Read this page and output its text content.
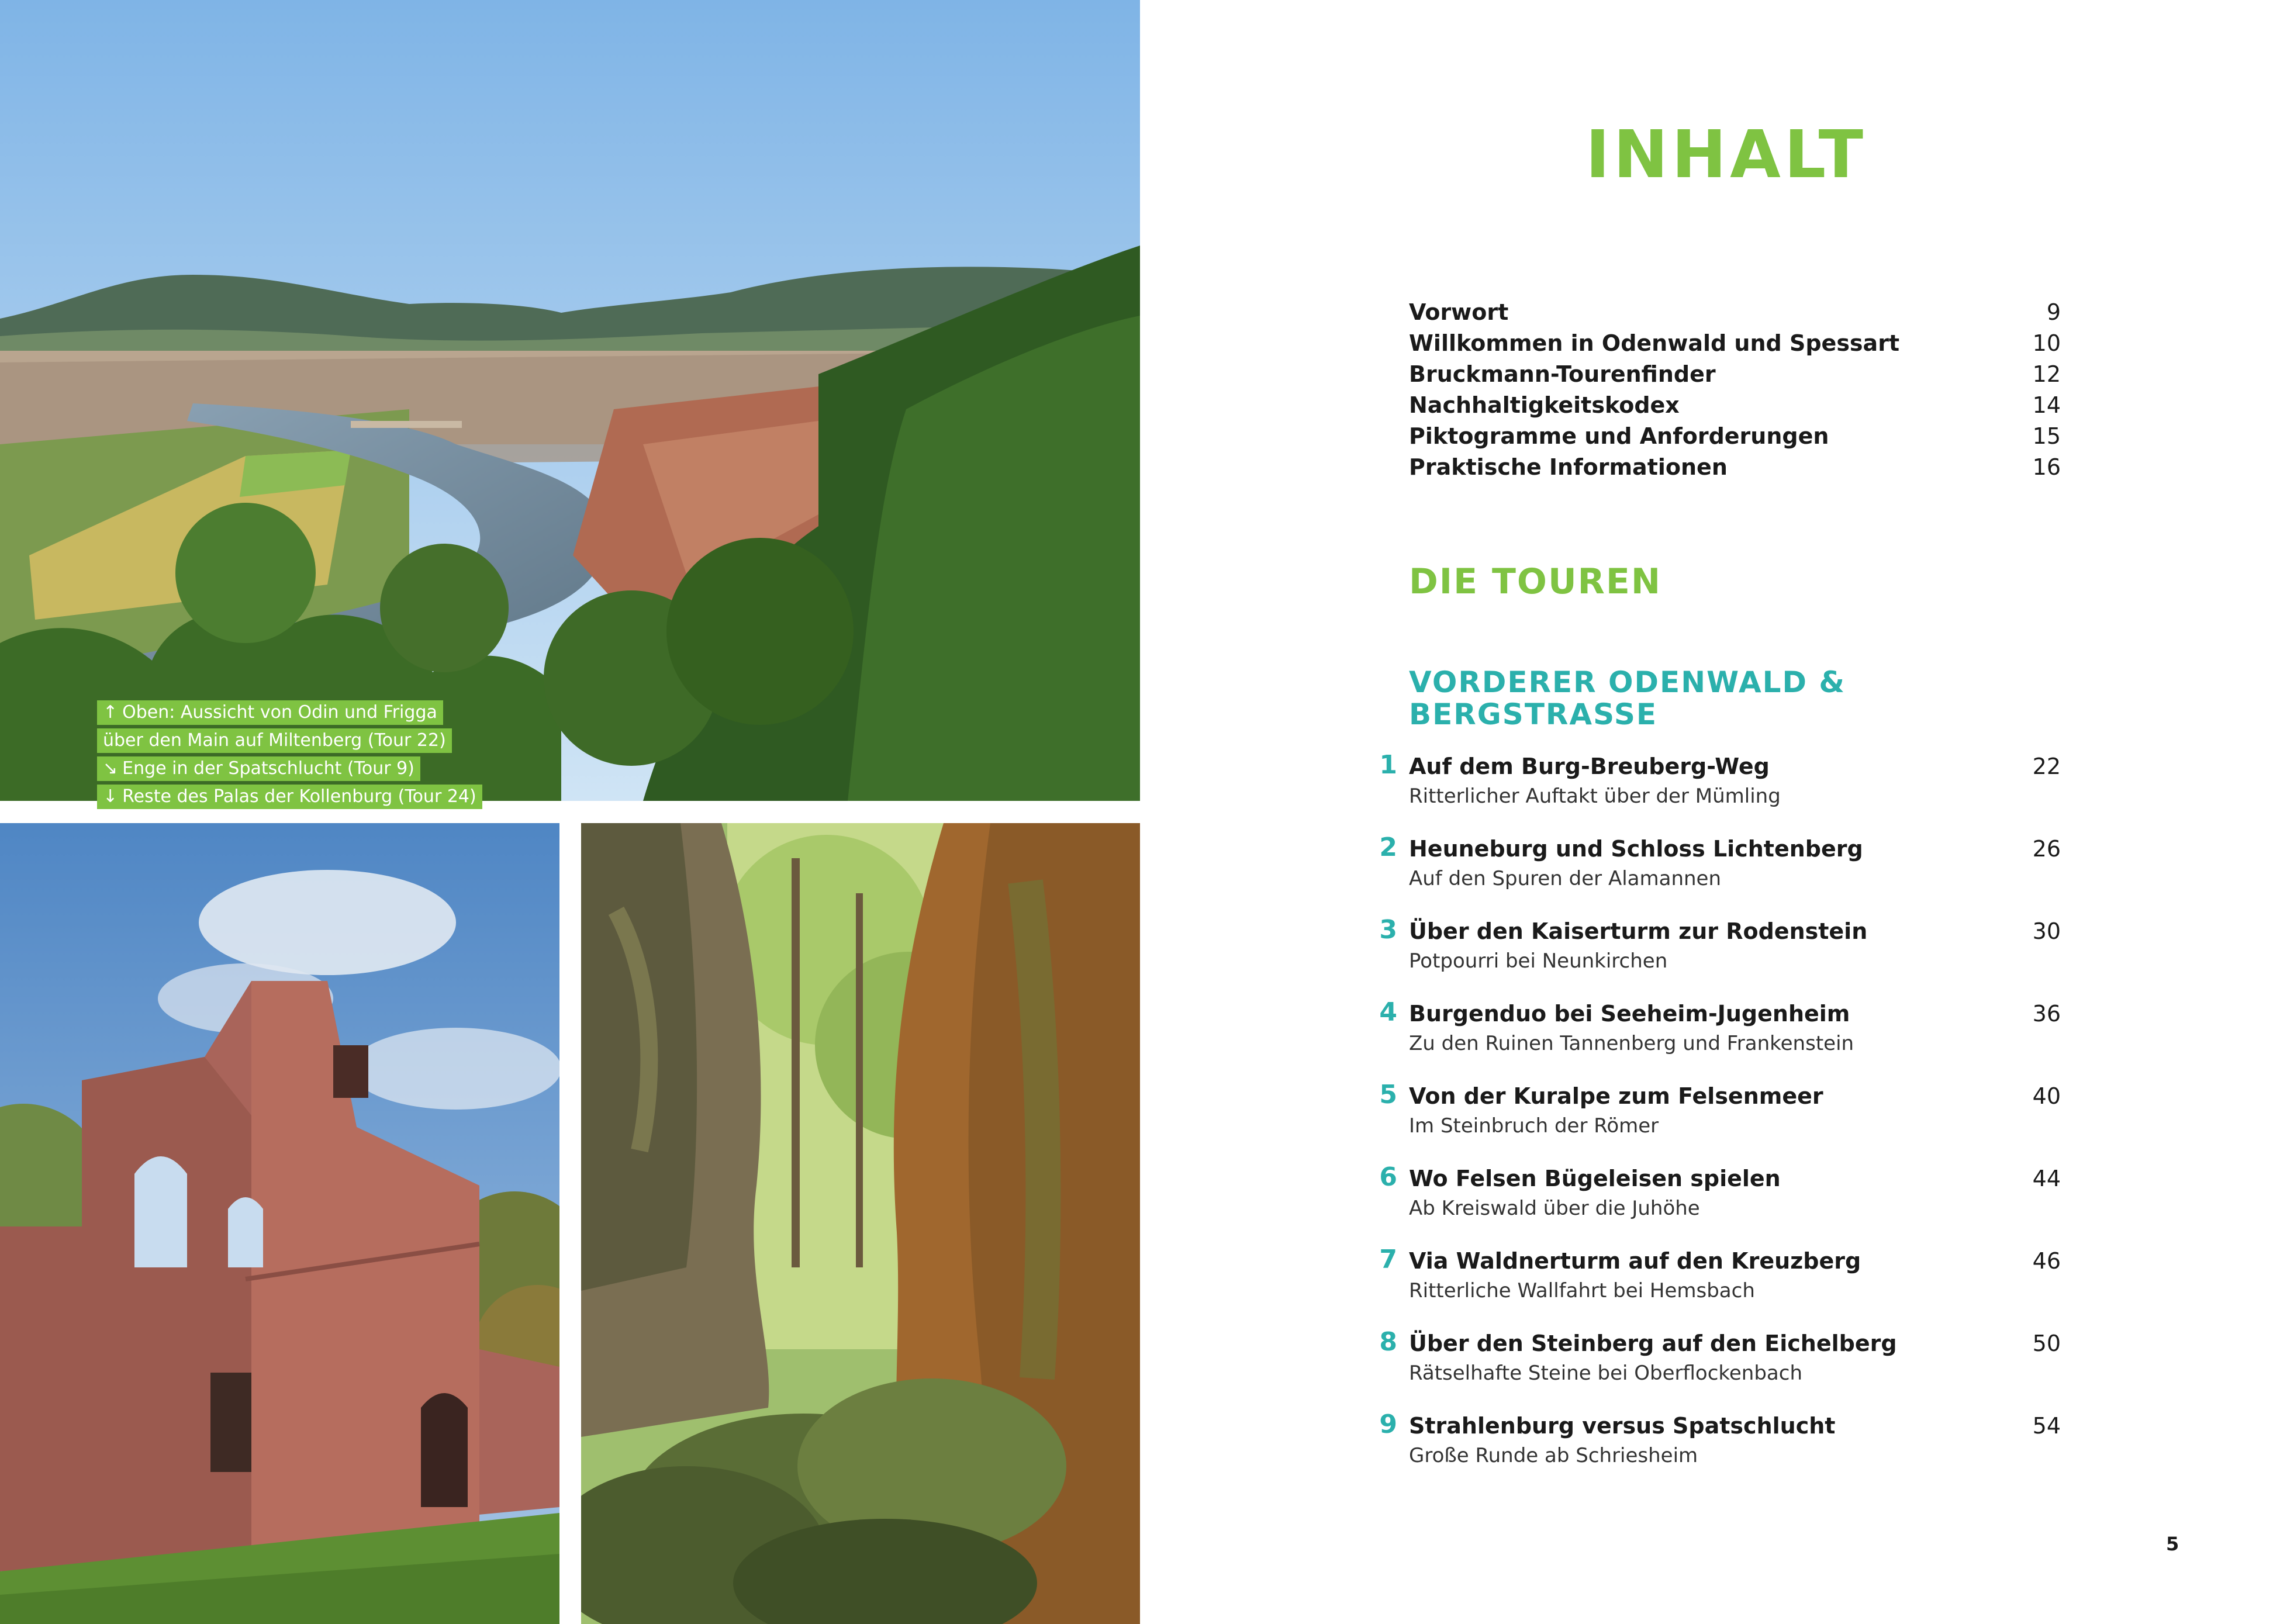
↑ Oben: Aussicht von Odin und Frigga
über den Main auf Miltenberg (Tour 22)
↘ Enge in der Spatschlucht (Tour 9)
↓ Reste des Palas der Kollenburg (Tour 24)
INHALT
Vorwort	9
Willkommen in Odenwald und Spessart	10
Bruckmann-Tourenfinder	12
Nachhaltigkeitskodex	14
Piktogramme und Anforderungen	15
Praktische Informationen	16
DIE TOUREN
VORDERER ODENWALD & BERGSTRASSE
1 Auf dem Burg-Breuberg-Weg
Ritterlicher Auftakt über der Mümling
22
2 Heuneburg und Schloss Lichtenberg
Auf den Spuren der Alamannen
26
3 Über den Kaiserturm zur Rodenstein
Potpourri bei Neunkirchen
30
4 Burgenduo bei Seeheim-Jugenheim
Zu den Ruinen Tannenberg und Frankenstein
36
5 Von der Kuralpe zum Felsenmeer
Im Steinbruch der Römer
40
6 Wo Felsen Bügeleisen spielen
Ab Kreiswald über die Juhöhe
44
7 Via Waldnerturm auf den Kreuzberg
Ritterliche Wallfahrt bei Hemsbach
46
8 Über den Steinberg auf den Eichelberg
Rätselhafte Steine bei Oberflockenbach
50
9 Strahlenburg versus Spatschlucht
Große Runde ab Schriesheim
54
5
